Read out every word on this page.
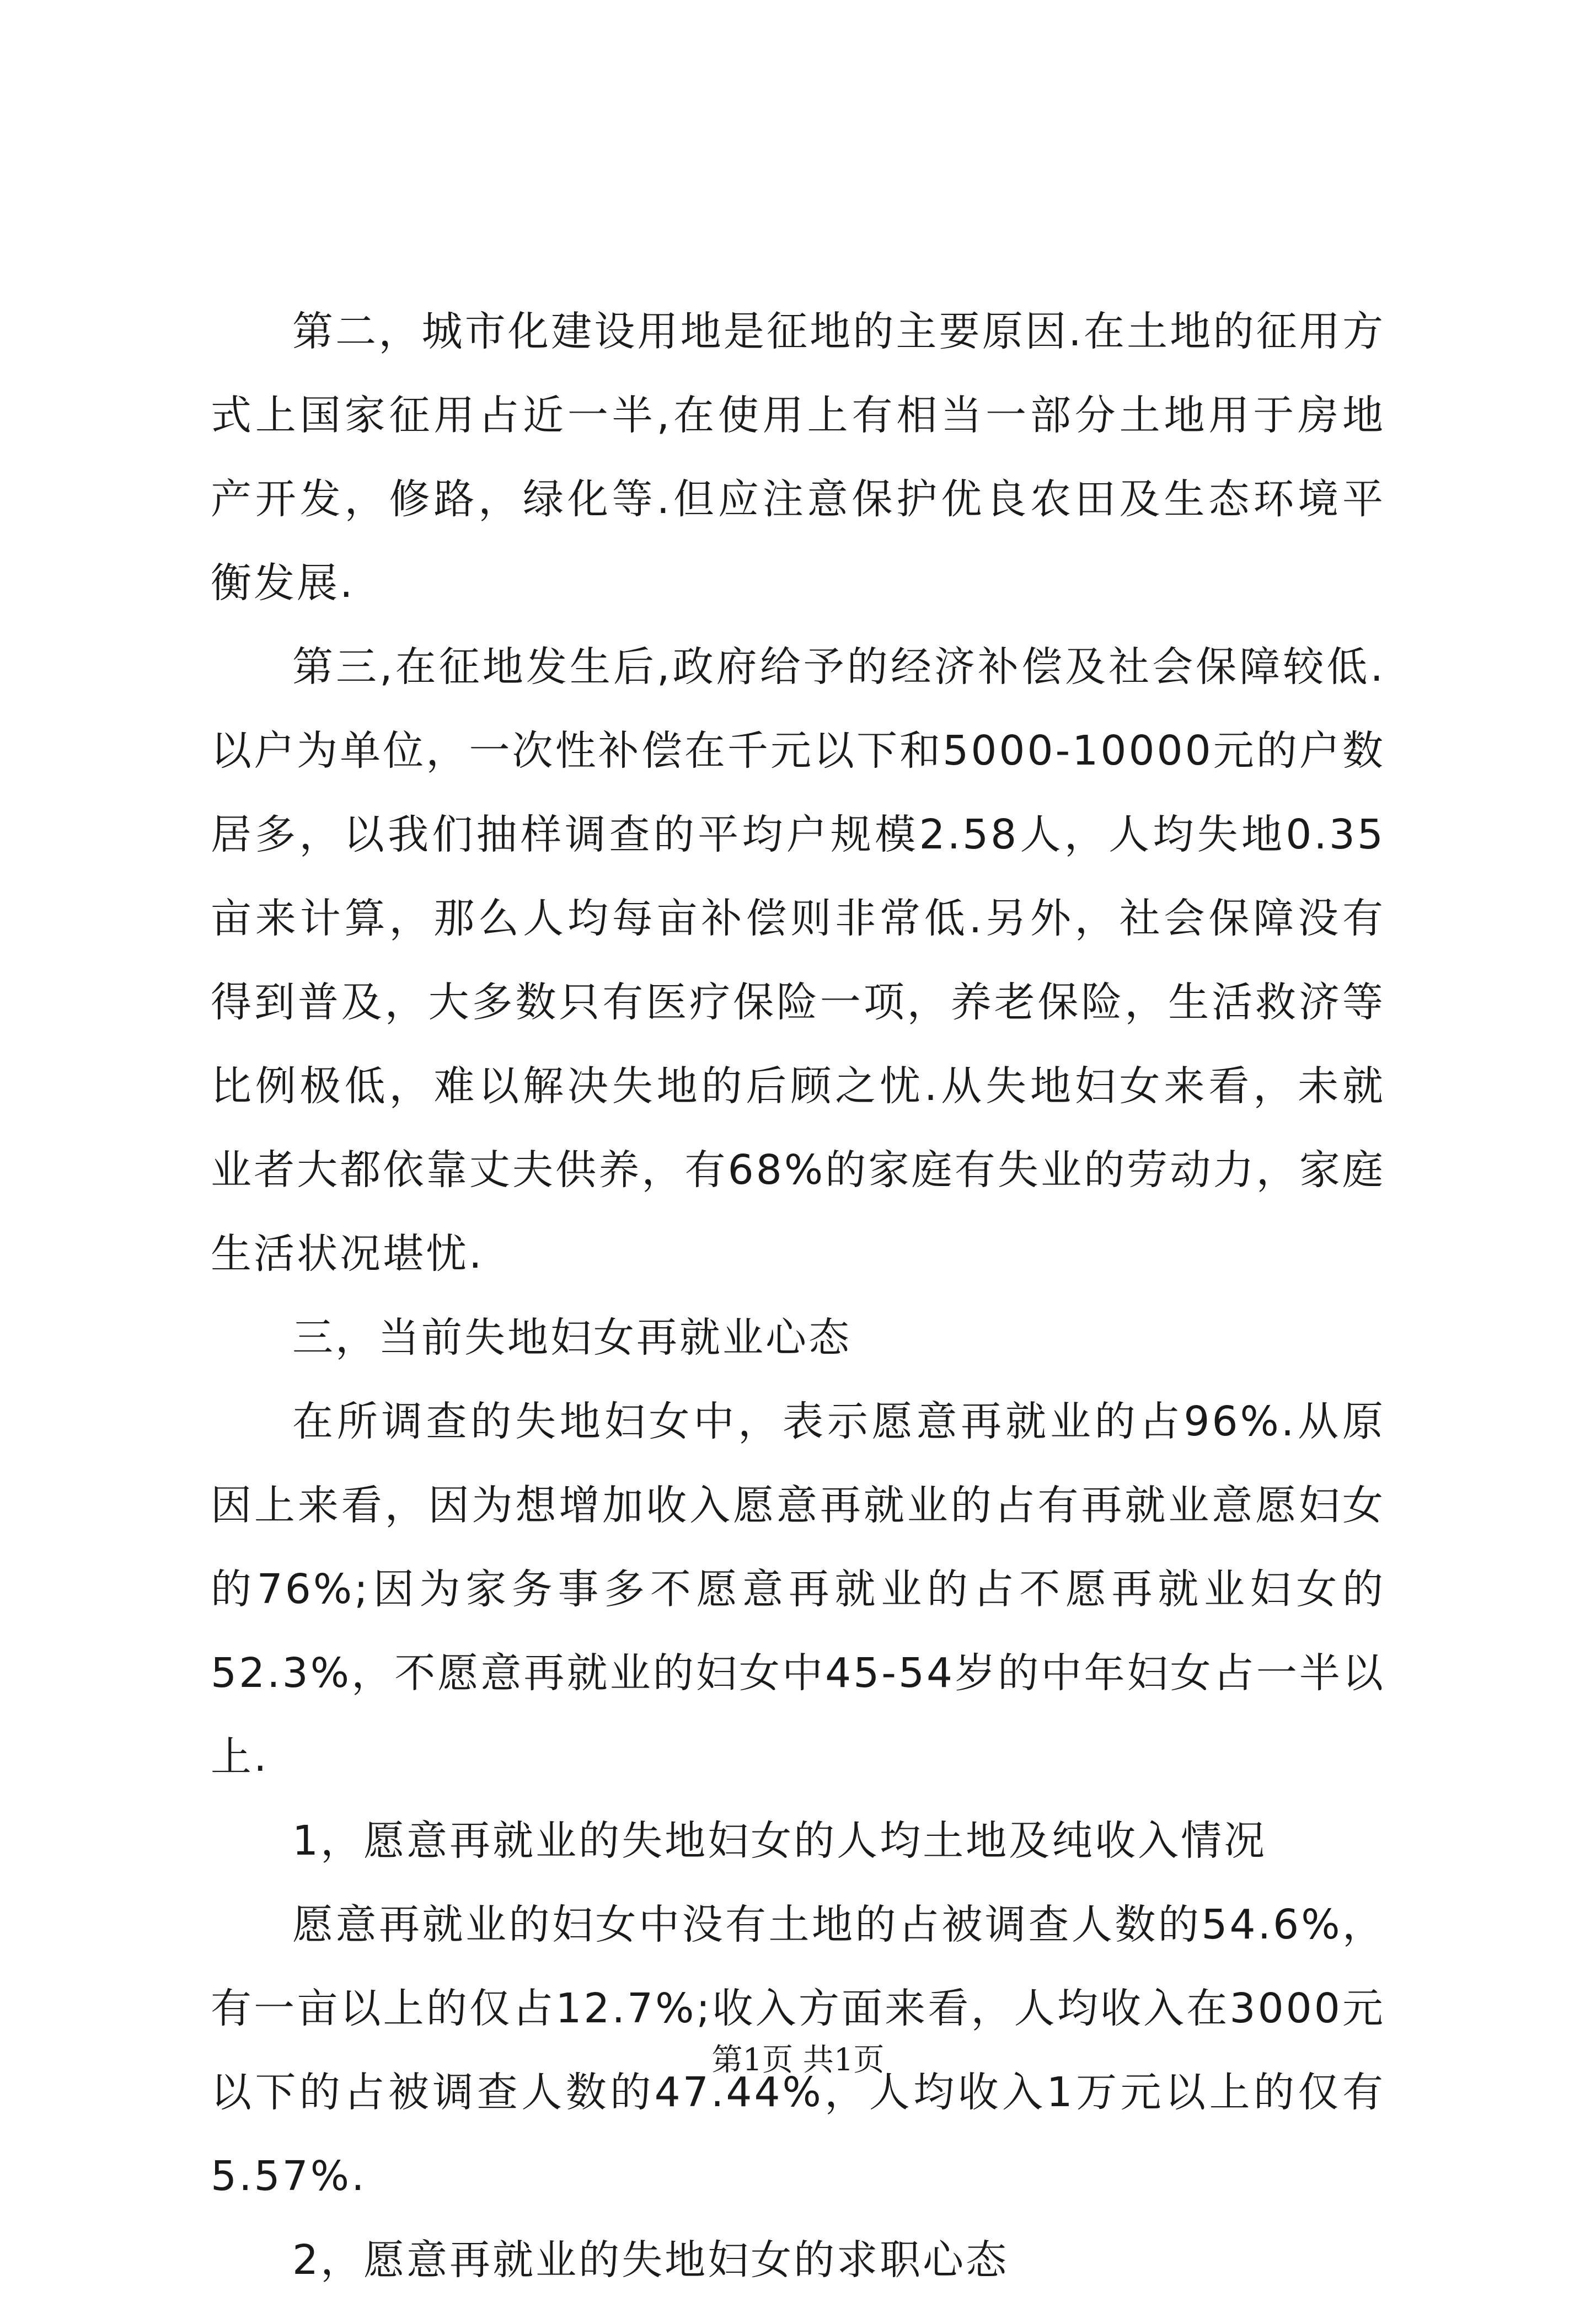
第二，城市化建设用地是征地的主要原因.在土地的征用方式上国家征用占近一半,在使用上有相当一部分土地用于房地产开发，修路，绿化等.但应注意保护优良农田及生态环境平衡发展.

第三,在征地发生后,政府给予的经济补偿及社会保障较低.以户为单位，一次性补偿在千元以下和5000-10000元的户数居多，以我们抽样调查的平均户规模2.58人，人均失地0.35亩来计算，那么人均每亩补偿则非常低.另外，社会保障没有得到普及，大多数只有医疗保险一项，养老保险，生活救济等比例极低，难以解决失地的后顾之忧.从失地妇女来看，未就业者大都依靠丈夫供养，有68%的家庭有失业的劳动力，家庭生活状况堪忧.

三，当前失地妇女再就业心态

在所调查的失地妇女中，表示愿意再就业的占96%.从原因上来看，因为想增加收入愿意再就业的占有再就业意愿妇女的76%;因为家务事多不愿意再就业的占不愿再就业妇女的52.3%，不愿意再就业的妇女中45-54岁的中年妇女占一半以上.

1，愿意再就业的失地妇女的人均土地及纯收入情况

愿意再就业的妇女中没有土地的占被调查人数的54.6%，有一亩以上的仅占12.7%;收入方面来看，人均收入在3000元以下的占被调查人数的47.44%，人均收入1万元以上的仅有5.57%.

2，愿意再就业的失地妇女的求职心态

第1页 共1页
